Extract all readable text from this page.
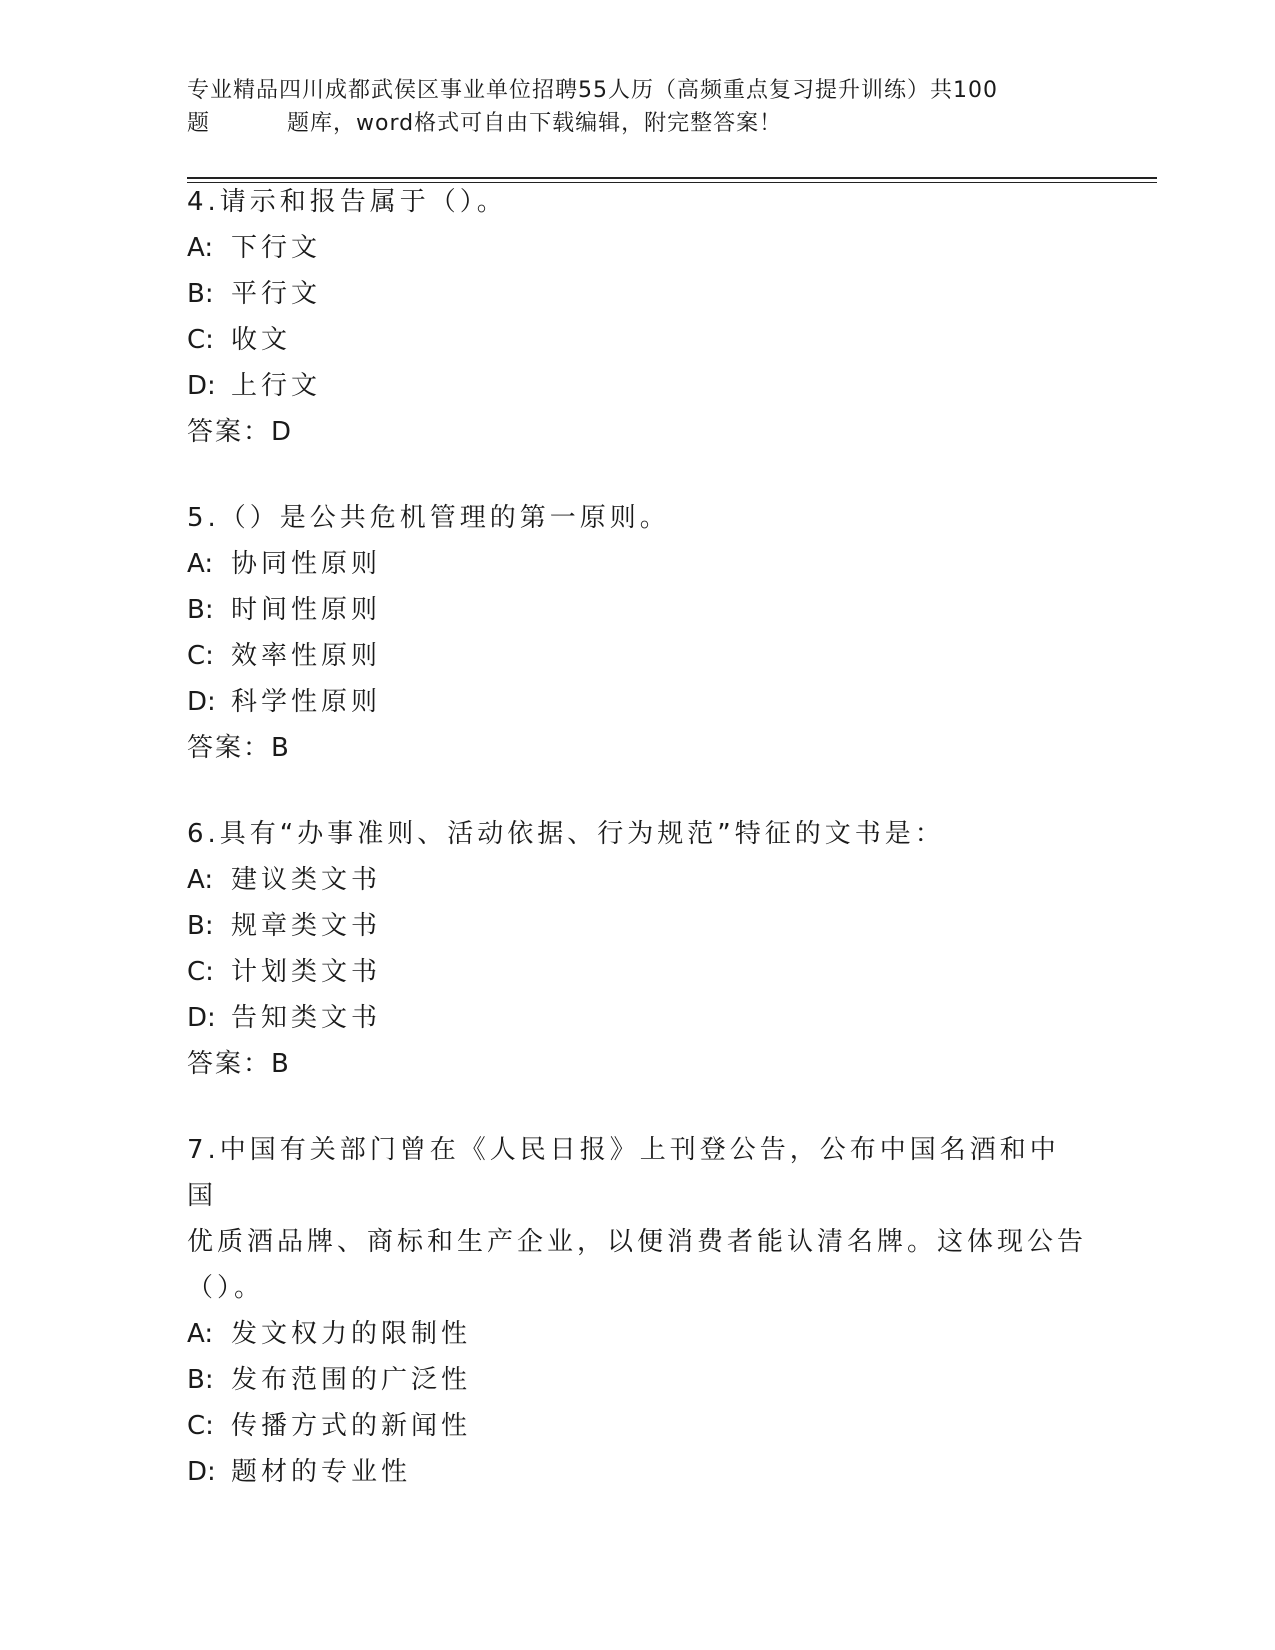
专业精品四川成都武侯区事业单位招聘55人历（高频重点复习提升训练）共100
题	题库，word格式可自由下载编辑，附完整答案！
4.请示和报告属于（）。
A: 下行文
B: 平行文
C: 收文
D: 上行文
答案：D
5.（）是公共危机管理的第一原则。
A: 协同性原则
B: 时间性原则
C: 效率性原则
D: 科学性原则
答案：B
6.具有“办事准则、活动依据、行为规范”特征的文书是：
A: 建议类文书
B: 规章类文书
C: 计划类文书
D: 告知类文书
答案：B
7.中国有关部门曾在《人民日报》上刊登公告，公布中国名酒和中国
优质酒品牌、商标和生产企业，以便消费者能认清名牌。这体现公告
（）。
A: 发文权力的限制性
B: 发布范围的广泛性
C: 传播方式的新闻性
D: 题材的专业性
